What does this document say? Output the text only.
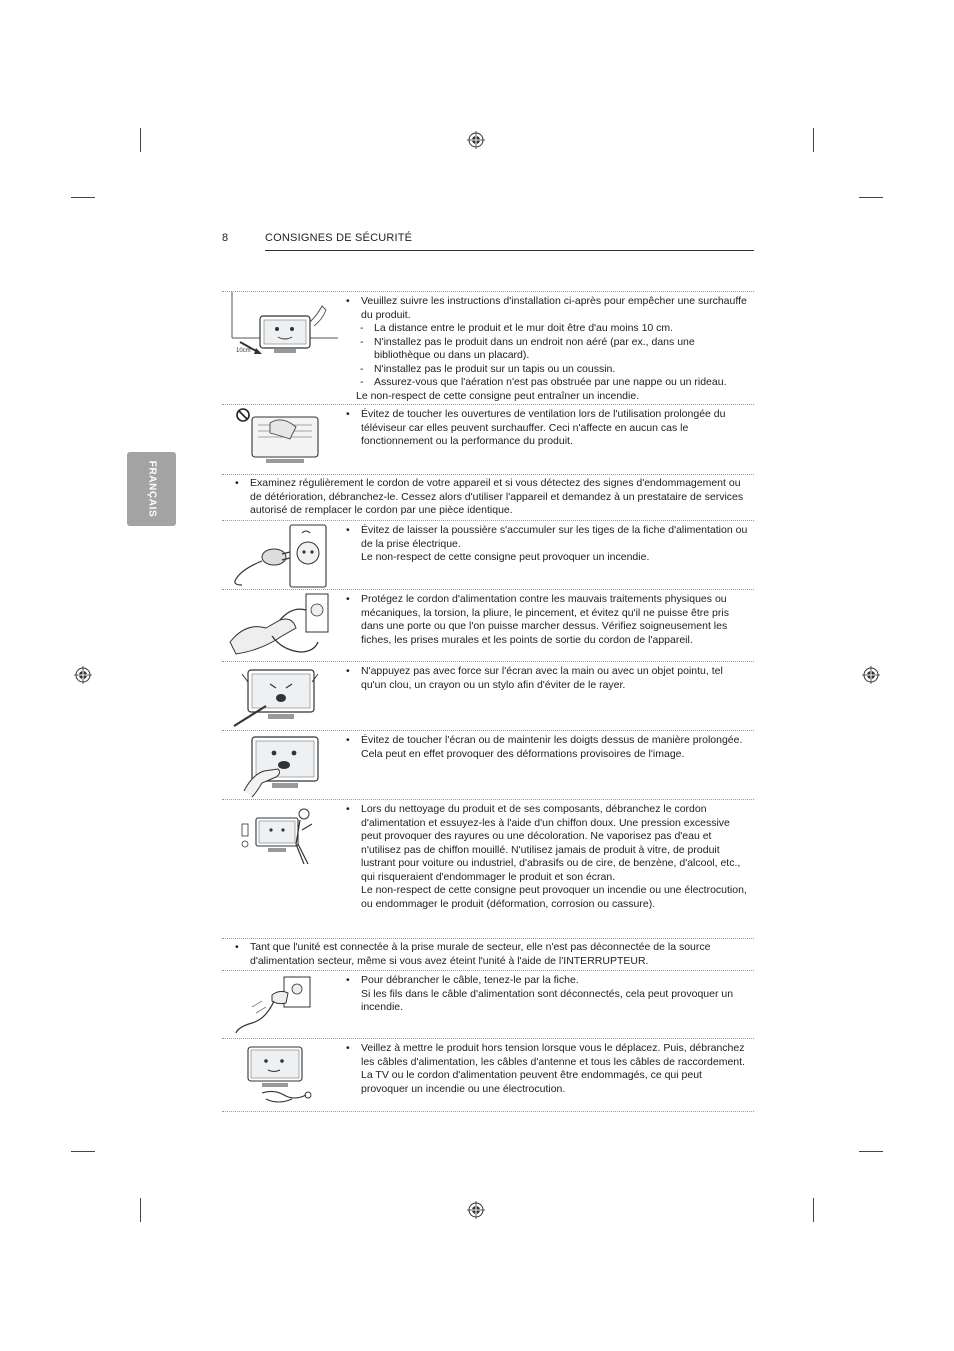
8	CONSIGNES DE SÉCURITÉ
FRANÇAIS
10cm
• Veuillez suivre les instructions d'installation ci-après pour empêcher une surchauffe du produit.
- La distance entre le produit et le mur doit être d'au moins 10 cm.
- N'installez pas le produit dans un endroit non aéré (par ex., dans une bibliothèque ou dans un placard).
- N'installez pas le produit sur un tapis ou un coussin.
- Assurez-vous que l'aération n'est pas obstruée par une nappe ou un rideau.
Le non-respect de cette consigne peut entraîner un incendie.
• Évitez de toucher les ouvertures de ventilation lors de l'utilisation prolongée du téléviseur car elles peuvent surchauffer. Ceci n'affecte en aucun cas le fonctionnement ou la performance du produit.
• Examinez régulièrement le cordon de votre appareil et si vous détectez des signes d'endommagement ou de détérioration, débranchez-le. Cessez alors d'utiliser l'appareil et demandez à un prestataire de services autorisé de remplacer le cordon par une pièce identique.
• Évitez de laisser la poussière s'accumuler sur les tiges de la fiche d'alimentation ou de la prise électrique.
Le non-respect de cette consigne peut provoquer un incendie.
• Protégez le cordon d'alimentation contre les mauvais traitements physiques ou mécaniques, la torsion, la pliure, le pincement, et évitez qu'il ne puisse être pris dans une porte ou que l'on puisse marcher dessus. Vérifiez soigneusement les fiches, les prises murales et les points de sortie du cordon de l'appareil.
• N'appuyez pas avec force sur l'écran avec la main ou avec un objet pointu, tel qu'un clou, un crayon ou un stylo afin d'éviter de le rayer.
• Évitez de toucher l'écran ou de maintenir les doigts dessus de manière prolongée. Cela peut en effet provoquer des déformations provisoires de l'image.
• Lors du nettoyage du produit et de ses composants, débranchez le cordon d'alimentation et essuyez-les à l'aide d'un chiffon doux. Une pression excessive peut provoquer des rayures ou une décoloration. Ne vaporisez pas d'eau et n'utilisez pas de chiffon mouillé. N'utilisez jamais de produit à vitre, de produit lustrant pour voiture ou industriel, d'abrasifs ou de cire, de benzène, d'alcool, etc., qui risqueraient d'endommager le produit et son écran.
Le non-respect de cette consigne peut provoquer un incendie ou une électrocution, ou endommager le produit (déformation, corrosion ou cassure).
• Tant que l'unité est connectée à la prise murale de secteur, elle n'est pas déconnectée de la source d'alimentation secteur, même si vous avez éteint l'unité à l'aide de l'INTERRUPTEUR.
• Pour débrancher le câble, tenez-le par la fiche.
Si les fils dans le câble d'alimentation sont déconnectés, cela peut provoquer un incendie.
• Veillez à mettre le produit hors tension lorsque vous le déplacez. Puis, débranchez les câbles d'alimentation, les câbles d'antenne et tous les câbles de raccordement.
La TV ou le cordon d'alimentation peuvent être endommagés, ce qui peut provoquer un incendie ou une électrocution.
